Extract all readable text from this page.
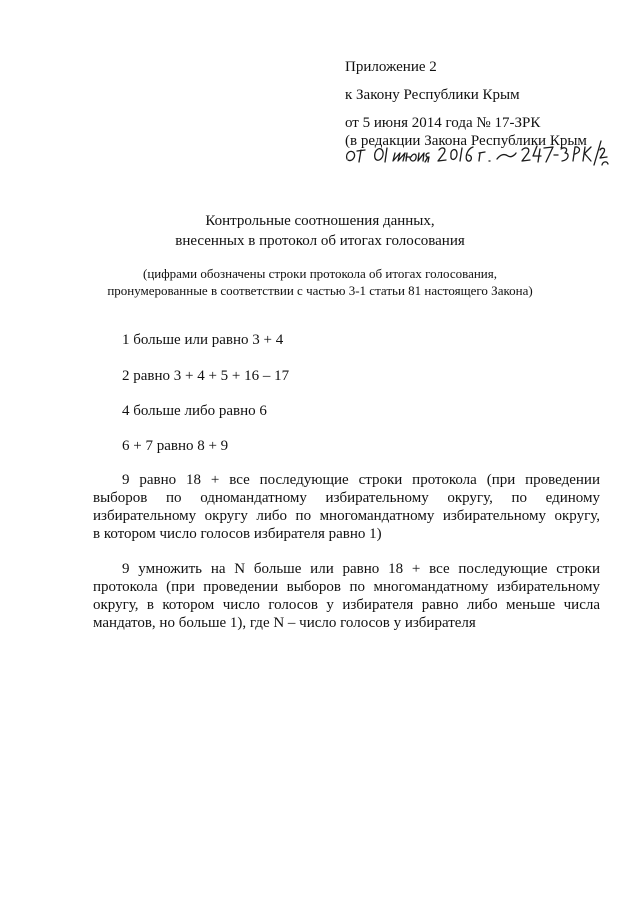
Приложение 2
к Закону Республики Крым
от 5 июня 2014 года № 17-ЗРК
(в редакции Закона Республики Крым
Контрольные соотношения данных,
внесенных в протокол об итогах голосования
(цифрами обозначены строки протокола об итогах голосования,
пронумерованные в соответствии с частью 3-1 статьи 81 настоящего Закона)
1 больше или равно 3 + 4
2 равно 3 + 4 + 5 + 16 – 17
4 больше либо равно 6
6 + 7 равно 8 + 9
9 равно 18 + все последующие строки протокола (при проведении
выборов по одномандатному избирательному округу, по единому
избирательному округу либо по многомандатному избирательному округу,
в котором число голосов избирателя равно 1)
9 умножить на N больше или равно 18 + все последующие строки
протокола (при проведении выборов по многомандатному избирательному
округу, в котором число голосов у избирателя равно либо меньше числа
мандатов, но больше 1), где N – число голосов у избирателя
